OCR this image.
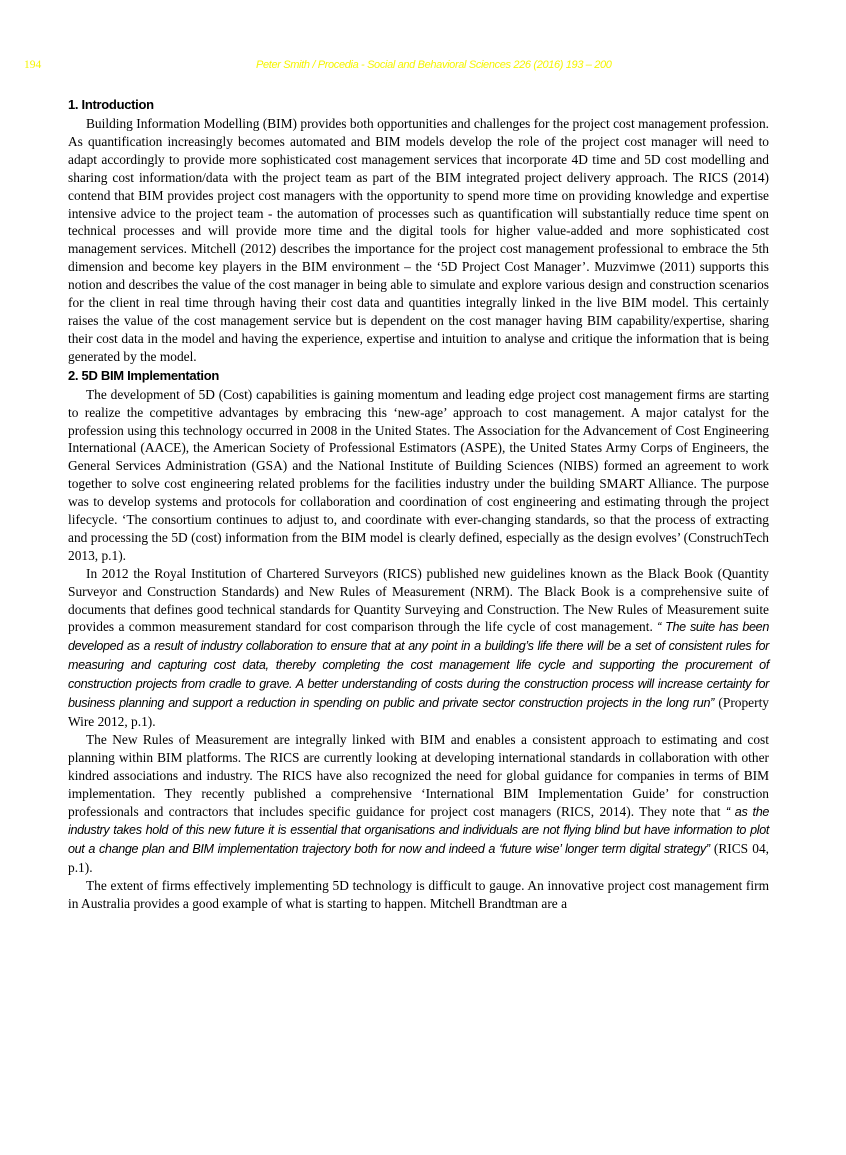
194	Peter Smith / Procedia - Social and Behavioral Sciences 226 (2016) 193 – 200
1. Introduction

Building Information Modelling (BIM) provides both opportunities and challenges for the project cost management profession. As quantification increasingly becomes automated and BIM models develop the role of the project cost manager will need to adapt accordingly to provide more sophisticated cost management services that incorporate 4D time and 5D cost modelling and sharing cost information/data with the project team as part of the BIM integrated project delivery approach. The RICS (2014) contend that BIM provides project cost managers with the opportunity to spend more time on providing knowledge and expertise intensive advice to the project team - the automation of processes such as quantification will substantially reduce time spent on technical processes and will provide more time and the digital tools for higher value-added and more sophisticated cost management services. Mitchell (2012) describes the importance for the project cost management professional to embrace the 5th dimension and become key players in the BIM environment – the ‘5D Project Cost Manager’. Muzvimwe (2011) supports this notion and describes the value of the cost manager in being able to simulate and explore various design and construction scenarios for the client in real time through having their cost data and quantities integrally linked in the live BIM model. This certainly raises the value of the cost management service but is dependent on the cost manager having BIM capability/expertise, sharing their cost data in the model and having the experience, expertise and intuition to analyse and critique the information that is being generated by the model.

2. 5D BIM Implementation

The development of 5D (Cost) capabilities is gaining momentum and leading edge project cost management firms are starting to realize the competitive advantages by embracing this ‘new-age’ approach to cost management. A major catalyst for the profession using this technology occurred in 2008 in the United States. The Association for the Advancement of Cost Engineering International (AACE), the American Society of Professional Estimators (ASPE), the United States Army Corps of Engineers, the General Services Administration (GSA) and the National Institute of Building Sciences (NIBS) formed an agreement to work together to solve cost engineering related problems for the facilities industry under the building SMART Alliance. The purpose was to develop systems and protocols for collaboration and coordination of cost engineering and estimating through the project lifecycle. ‘The consortium continues to adjust to, and coordinate with ever-changing standards, so that the process of extracting and processing the 5D (cost) information from the BIM model is clearly defined, especially as the design evolves’ (ConstruchTech 2013, p.1).

In 2012 the Royal Institution of Chartered Surveyors (RICS) published new guidelines known as the Black Book (Quantity Surveyor and Construction Standards) and New Rules of Measurement (NRM). The Black Book is a comprehensive suite of documents that defines good technical standards for Quantity Surveying and Construction. The New Rules of Measurement suite provides a common measurement standard for cost comparison through the life cycle of cost management. “ The suite has been developed as a result of industry collaboration to ensure that at any point in a building’s life there will be a set of consistent rules for measuring and capturing cost data, thereby completing the cost management life cycle and supporting the procurement of construction projects from cradle to grave. A better understanding of costs during the construction process will increase certainty for business planning and support a reduction in spending on public and private sector construction projects in the long run” (Property Wire 2012, p.1).

The New Rules of Measurement are integrally linked with BIM and enables a consistent approach to estimating and cost planning within BIM platforms. The RICS are currently looking at developing international standards in collaboration with other kindred associations and industry. The RICS have also recognized the need for global guidance for companies in terms of BIM implementation. They recently published a comprehensive ‘International BIM Implementation Guide’ for construction professionals and contractors that includes specific guidance for project cost managers (RICS, 2014). They note that “ as the industry takes hold of this new future it is essential that organisations and individuals are not flying blind but have information to plot out a change plan and BIM implementation trajectory both for now and indeed a ‘future wise’ longer term digital strategy” (RICS 04, p.1).

The extent of firms effectively implementing 5D technology is difficult to gauge. An innovative project cost management firm in Australia provides a good example of what is starting to happen. Mitchell Brandtman are a
